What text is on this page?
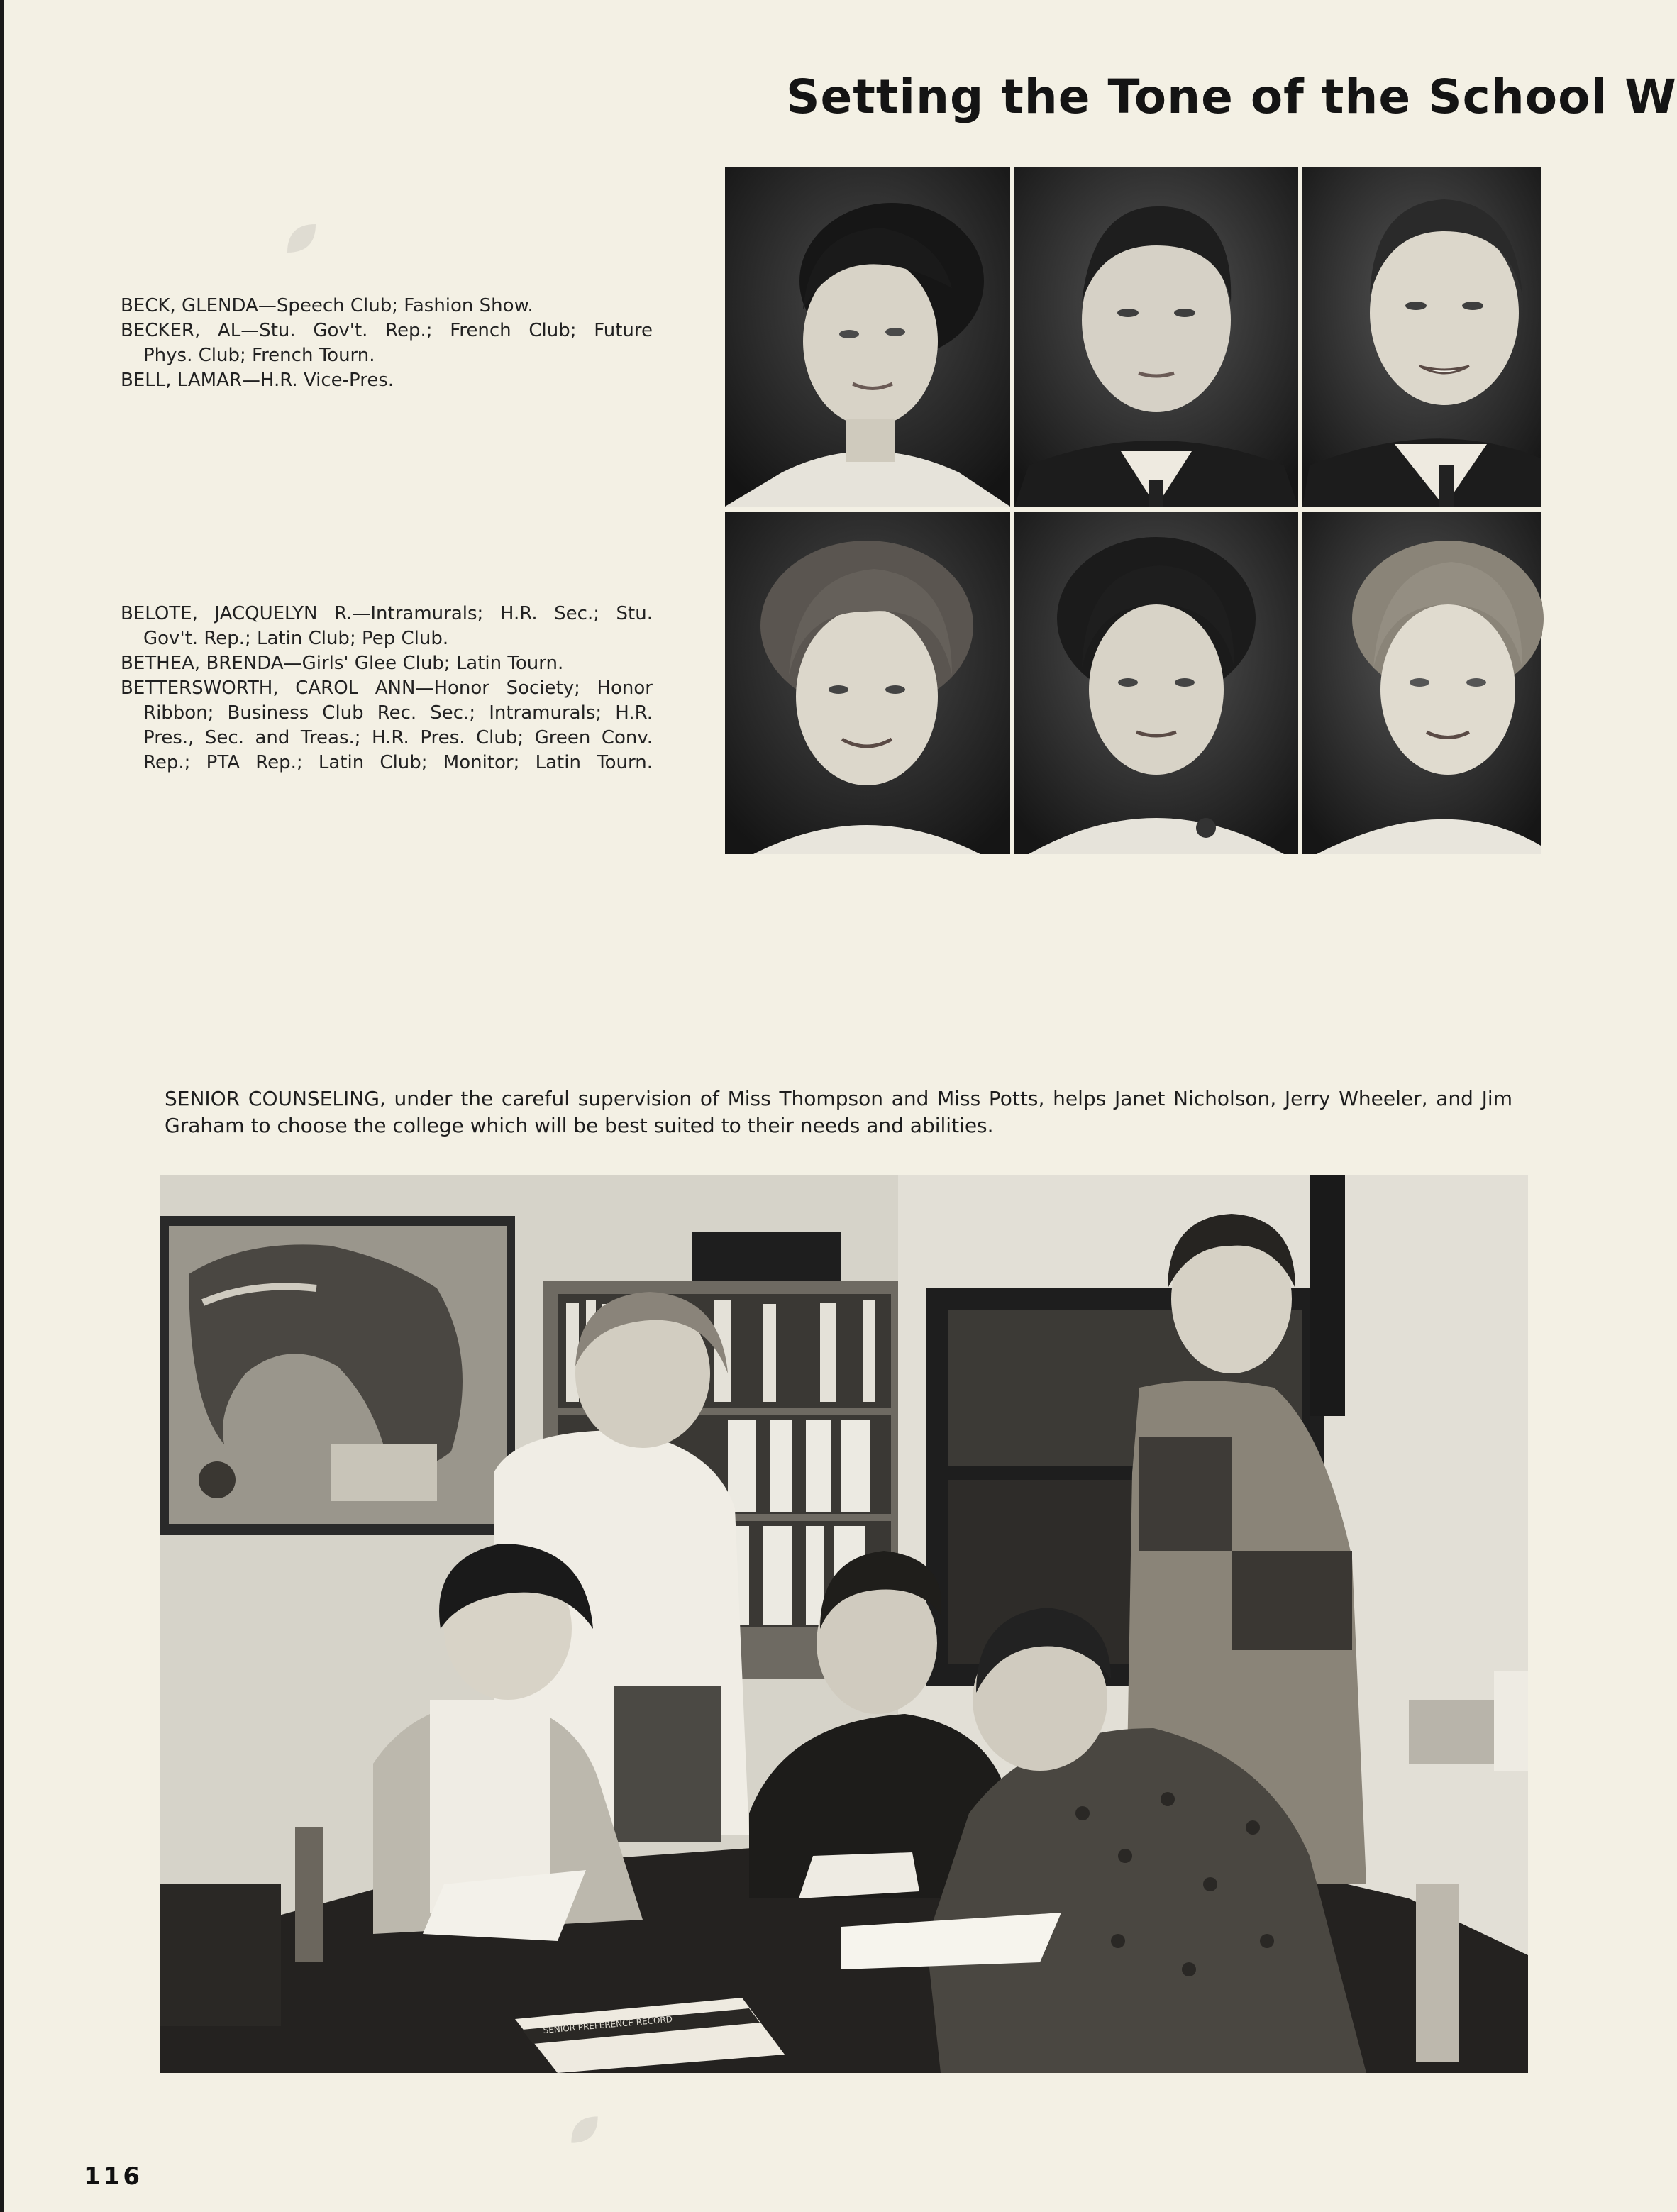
Setting the Tone of the School W
BECK, GLENDA—Speech Club; Fashion Show.
BECKER, AL—Stu. Gov't. Rep.; French Club; Future
Phys. Club; French Tourn.
BELL, LAMAR—H.R. Vice-Pres.
BELOTE, JACQUELYN R.—Intramurals; H.R. Sec.; Stu.
Gov't. Rep.; Latin Club; Pep Club.
BETHEA, BRENDA—Girls' Glee Club; Latin Tourn.
BETTERSWORTH, CAROL ANN—Honor Society; Honor
Ribbon; Business Club Rec. Sec.; Intramurals; H.R.
Pres., Sec. and Treas.; H.R. Pres. Club; Green Conv.
Rep.; PTA Rep.; Latin Club; Monitor; Latin Tourn.
SENIOR COUNSELING, under the careful supervision of Miss Thompson and Miss Potts, helps Janet Nicholson, Jerry Wheeler, and Jim Graham to choose the college which will be best suited to their needs and abilities.
SENIOR PREFERENCE RECORD
116
